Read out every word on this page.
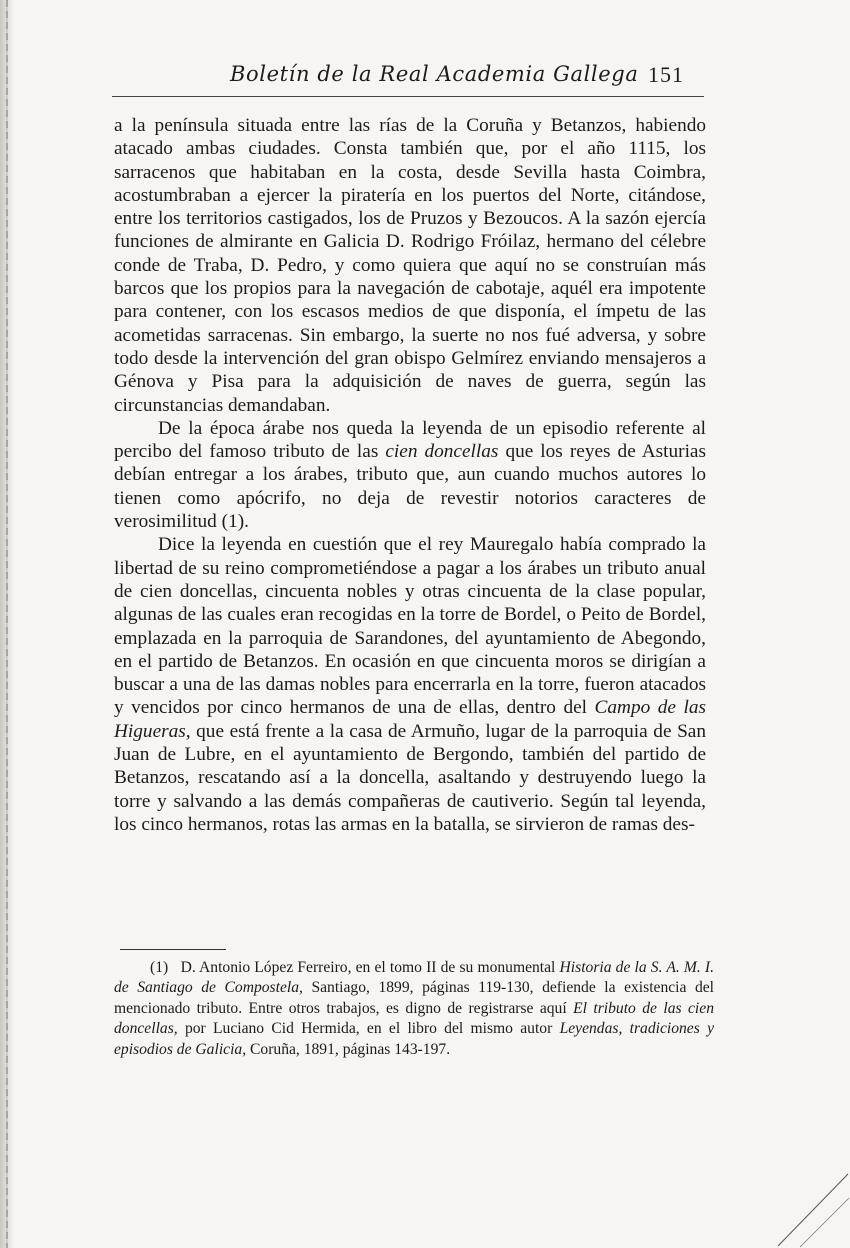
Boletín de la Real Academia Gallega 151

a la península situada entre las rías de la Coruña y Betanzos, habiendo atacado ambas ciudades. Consta también que, por el año 1115, los sarracenos que habitaban en la costa, desde Sevilla hasta Coimbra, acostumbraban a ejercer la piratería en los puertos del Norte, citándose, entre los territorios castigados, los de Pruzos y Bezoucos. A la sazón ejercía funciones de almirante en Galicia D. Rodrigo Fróilaz, hermano del célebre conde de Traba, D. Pedro, y como quiera que aquí no se construían más barcos que los propios para la navegación de cabotaje, aquél era impotente para contener, con los escasos medios de que disponía, el ímpetu de las acometidas sarracenas. Sin embargo, la suerte no nos fué adversa, y sobre todo desde la intervención del gran obispo Gelmírez enviando mensajeros a Génova y Pisa para la adquisición de naves de guerra, según las circunstancias demandaban.

De la época árabe nos queda la leyenda de un episodio referente al percibo del famoso tributo de las cien doncellas que los reyes de Asturias debían entregar a los árabes, tributo que, aun cuando muchos autores lo tienen como apócrifo, no deja de revestir notorios caracteres de verosimilitud (1).

Dice la leyenda en cuestión que el rey Mauregalo había comprado la libertad de su reino comprometiéndose a pagar a los árabes un tributo anual de cien doncellas, cincuenta nobles y otras cincuenta de la clase popular, algunas de las cuales eran recogidas en la torre de Bordel, o Peito de Bordel, emplazada en la parroquia de Sarandones, del ayuntamiento de Abegondo, en el partido de Betanzos. En ocasión en que cincuenta moros se dirigían a buscar a una de las damas nobles para encerrarla en la torre, fueron atacados y vencidos por cinco hermanos de una de ellas, dentro del Campo de las Higueras, que está frente a la casa de Armuño, lugar de la parroquia de San Juan de Lubre, en el ayuntamiento de Bergondo, también del partido de Betanzos, rescatando así a la doncella, asaltando y destruyendo luego la torre y salvando a las demás compañeras de cautiverio. Según tal leyenda, los cinco hermanos, rotas las armas en la batalla, se sirvieron de ramas des-

(1) D. Antonio López Ferreiro, en el tomo II de su monumental Historia de la S. A. M. I. de Santiago de Compostela, Santiago, 1899, páginas 119-130, defiende la existencia del mencionado tributo. Entre otros trabajos, es digno de registrarse aquí El tributo de las cien doncellas, por Luciano Cid Hermida, en el libro del mismo autor Leyendas, tradiciones y episodios de Galicia, Coruña, 1891, páginas 143-197.
